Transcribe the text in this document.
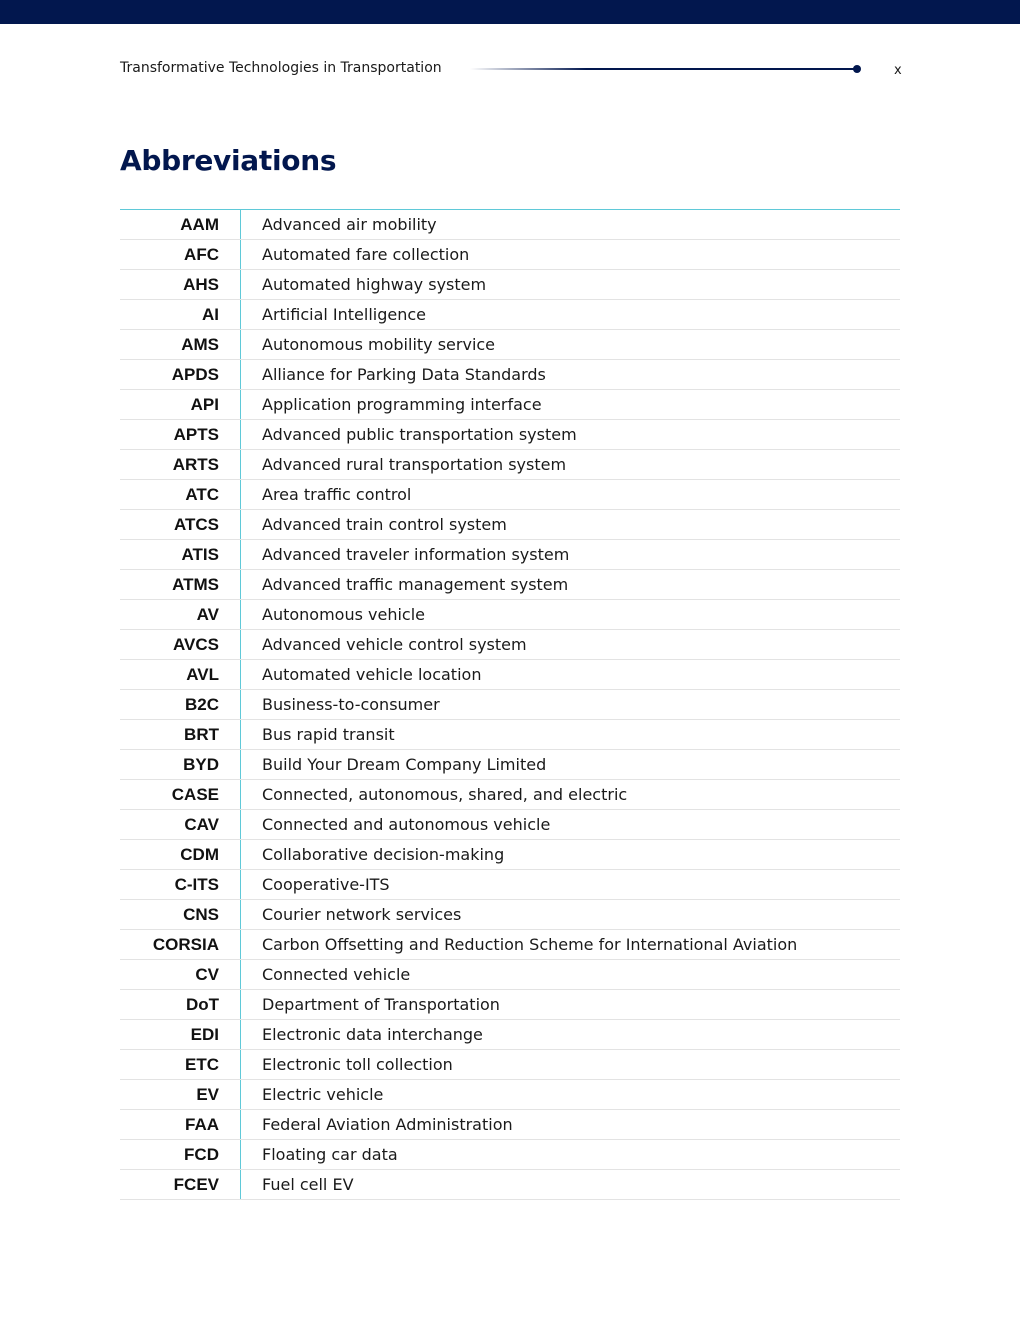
Transformative Technologies in Transportation	x
Abbreviations
AAM	Advanced air mobility
AFC	Automated fare collection
AHS	Automated highway system
AI	Artificial Intelligence
AMS	Autonomous mobility service
APDS	Alliance for Parking Data Standards
API	Application programming interface
APTS	Advanced public transportation system
ARTS	Advanced rural transportation system
ATC	Area traffic control
ATCS	Advanced train control system
ATIS	Advanced traveler information system
ATMS	Advanced traffic management system
AV	Autonomous vehicle
AVCS	Advanced vehicle control system
AVL	Automated vehicle location
B2C	Business-to-consumer
BRT	Bus rapid transit
BYD	Build Your Dream Company Limited
CASE	Connected, autonomous, shared, and electric
CAV	Connected and autonomous vehicle
CDM	Collaborative decision-making
C-ITS	Cooperative-ITS
CNS	Courier network services
CORSIA	Carbon Offsetting and Reduction Scheme for International Aviation
CV	Connected vehicle
DoT	Department of Transportation
EDI	Electronic data interchange
ETC	Electronic toll collection
EV	Electric vehicle
FAA	Federal Aviation Administration
FCD	Floating car data
FCEV	Fuel cell EV
